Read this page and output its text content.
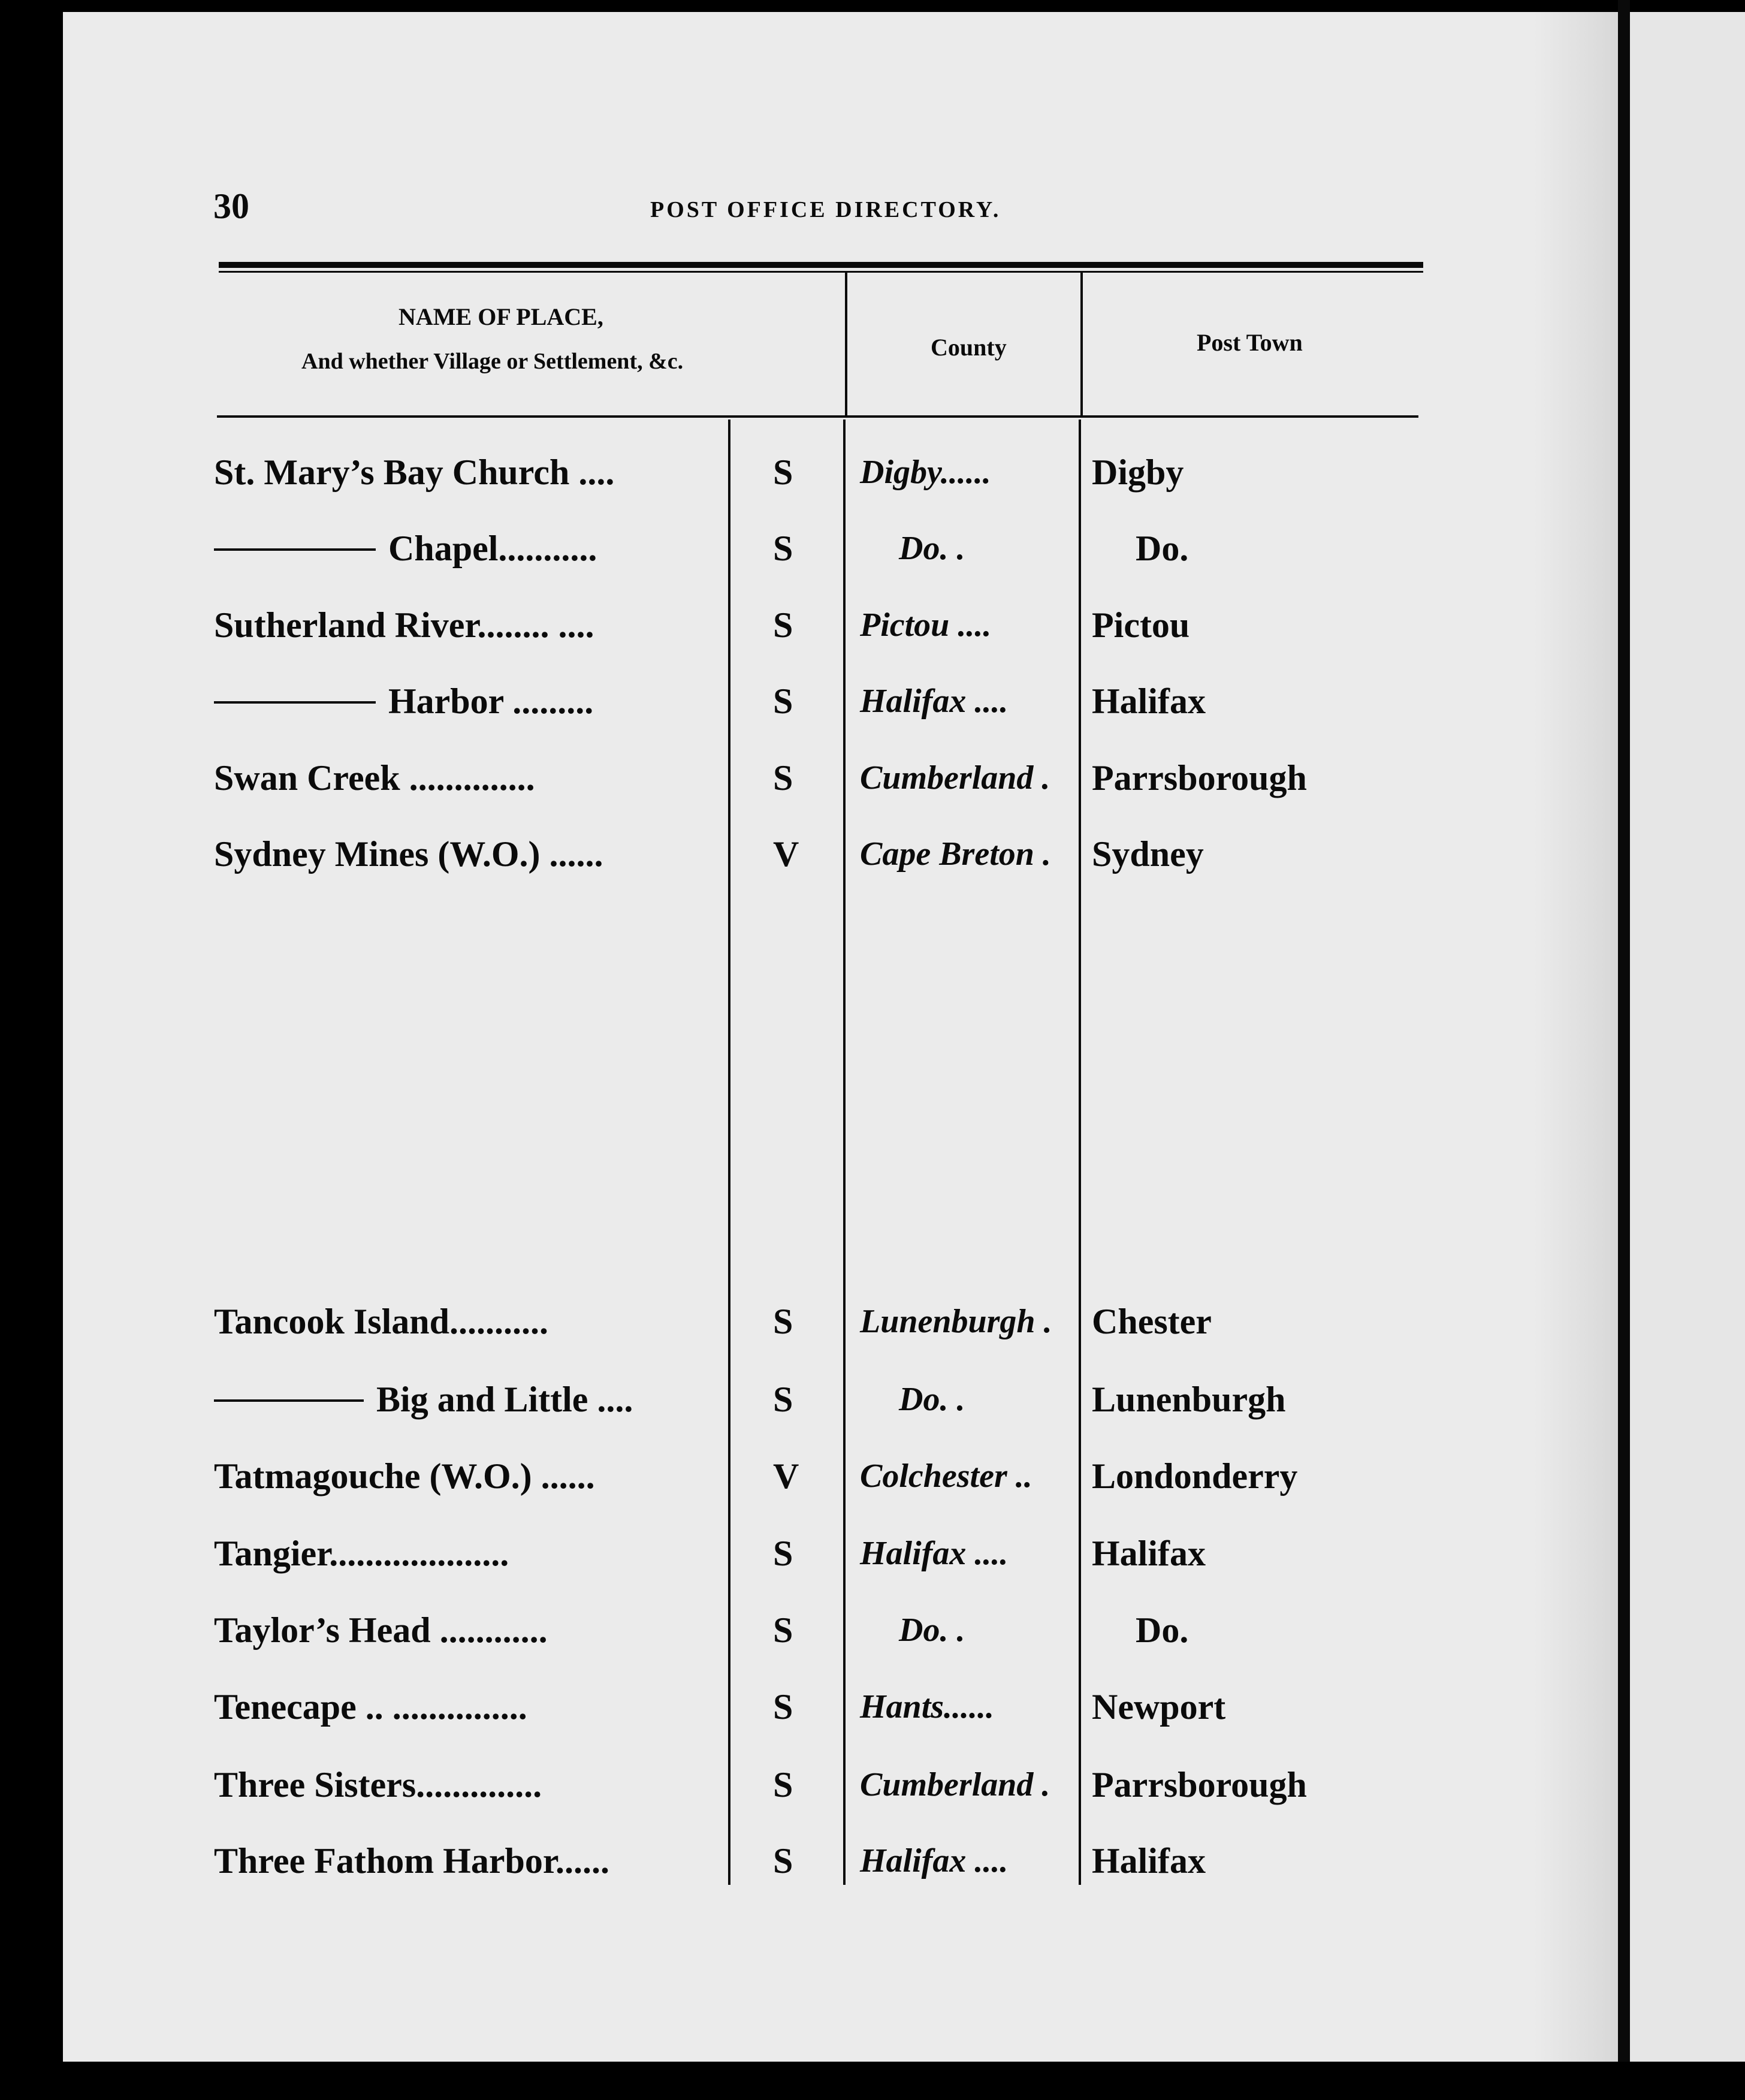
30	POST OFFICE DIRECTORY.
NAME OF PLACE,
And whether Village or Settlement, &c.
County	Post Town
St. Mary’s Bay Church ....	S Digby......	Digby
Chapel...........	S	Do. .	Do.
Sutherland River........ ....	S Pictou ....	Pictou
Harbor .........	S Halifax .... Halifax
Swan Creek ..............	S Cumberland . Parrsborough
Sydney Mines (W.O.) ......	V Cape Breton . Sydney
Tancook Island...........	S Lunenburgh . Chester
Big and Little ....	S	Do. .	Lunenburgh
Tatmagouche (W.O.) ......	V Colchester .. Londonderry
Tangier....................	S Halifax .... Halifax
Taylor’s Head ............	S	Do. .	Do.
Tenecape .. ...............	S Hants......	Newport
Three Sisters..............	S Cumberland . Parrsborough
Three Fathom Harbor......	S Halifax .... Halifax
